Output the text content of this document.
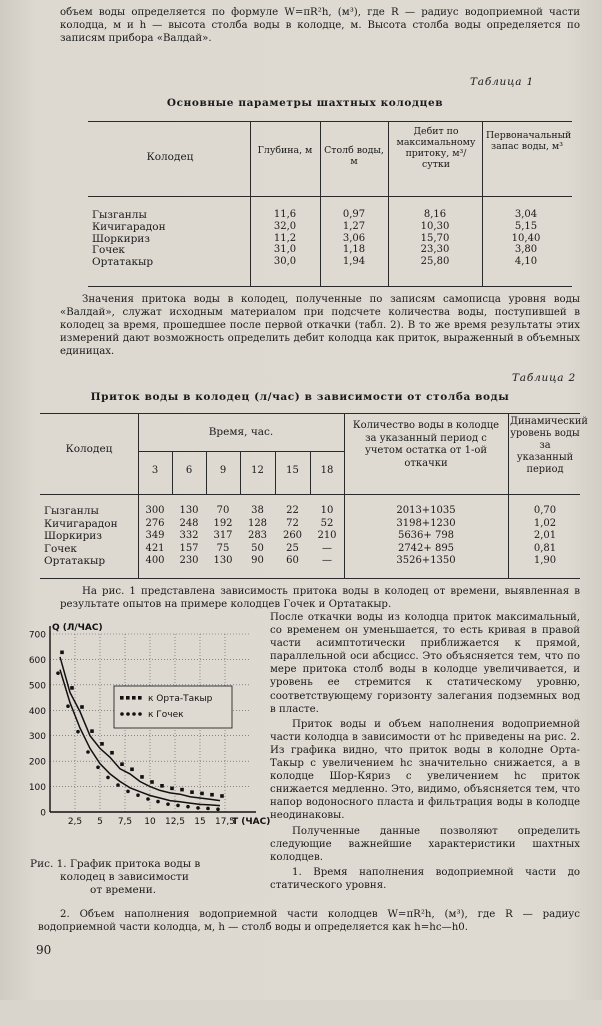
объем воды определяется по формуле W=πR²h, (м³), где R — радиус водоприемной части колодца, м и h — высота столба воды в колодце, м. Высота столба воды определяется по записям прибора «Валдай».
Таблица 1
Основные параметры шахтных колодцев
Колодец
Глубина, м	Столб воды, м
Дебит по максимальному притоку, м³/сутки
Первоначальный запас воды, м³
Гызганлы	11,6	0,97	8,16	3,04
Кичигарадон	32,0	1,27	10,30	5,15
Шоркириз	11,2	3,06	15,70	10,40
Гочек	31,0	1,18	23,30	3,80
Ортатакыр	30,0	1,94	25,80	4,10
Значения притока воды в колодец, полученные по записям самописца уровня воды «Валдай», служат исходным материалом при подсчете количества воды, поступившей в колодец за время, прошедшее после первой откачки (табл. 2). В то же время результаты этих измерений дают возможность определить дебит колодца как приток, выраженный в объемных единицах.
Таблица 2
Приток воды в колодец (л/час) в зависимости от столба воды
Колодец
Время, час.
Количество воды в колодце за указанный период с учетом остатка от 1-ой откачки
Динамический уровень воды за указанный период
3	6	9	12	15	18
Гызганлы	300	130	70	38	22	10	2013+1035	0,70
Кичигарадон	276	248	192	128	72	52	3198+1230	1,02
Шоркириз	349	332	317	283	260	210	5636+ 798	2,01
Гочек	421	157	75	50	25	—	2742+ 895	0,81
Ортатакыр	400	230	130	90	60	—	3526+1350	1,90
На рис. 1 представлена зависимость притока воды в колодец от времени, выявленная в результате опытов на примере колодцев Гочек и Ортатакыр.
После откачки воды из колодца приток максимальный, со временем он уменьшается, то есть кривая в правой части асимптотически приближается к прямой, параллельной оси абсцисс. Это объясняется тем, что по мере притока столб воды в колодце увеличивается, и уровень ее стремится к статическому уровню, соответствующему горизонту залегания подземных вод в пласте.
Приток воды и объем наполнения водоприемной части колодца в зависимости от hc приведены на рис. 2. Из графика видно, что приток воды в колодне Орта-Такыр с увеличением hc значительно снижается, а в колодце Шор-Кяриз с увеличением hc приток снижается медленно. Это, видимо, объясняется тем, что напор водоносного пласта и фильтрация воды в колодце неодинаковы.
Полученные данные позволяют определить следующие важнейшие характеристики шахтных колодцев.
1. Время наполнения водоприемной части до статического уровня.
0
100
200
300
400
500
600
700
2,5 5 7,5 10 12,5 15 17,5
Q (Л/ЧАС)
T (ЧАС)
к Орта-Такыр
к Гочек
Рис. 1. График притока воды в
колодец в зависимости
от времени.
2. Объем наполнения водоприемной части колодцев W=πR²h, (м³), где R — радиус водоприемной части колодца, м, h — столб воды и определяется как h=hc—h0.
90
